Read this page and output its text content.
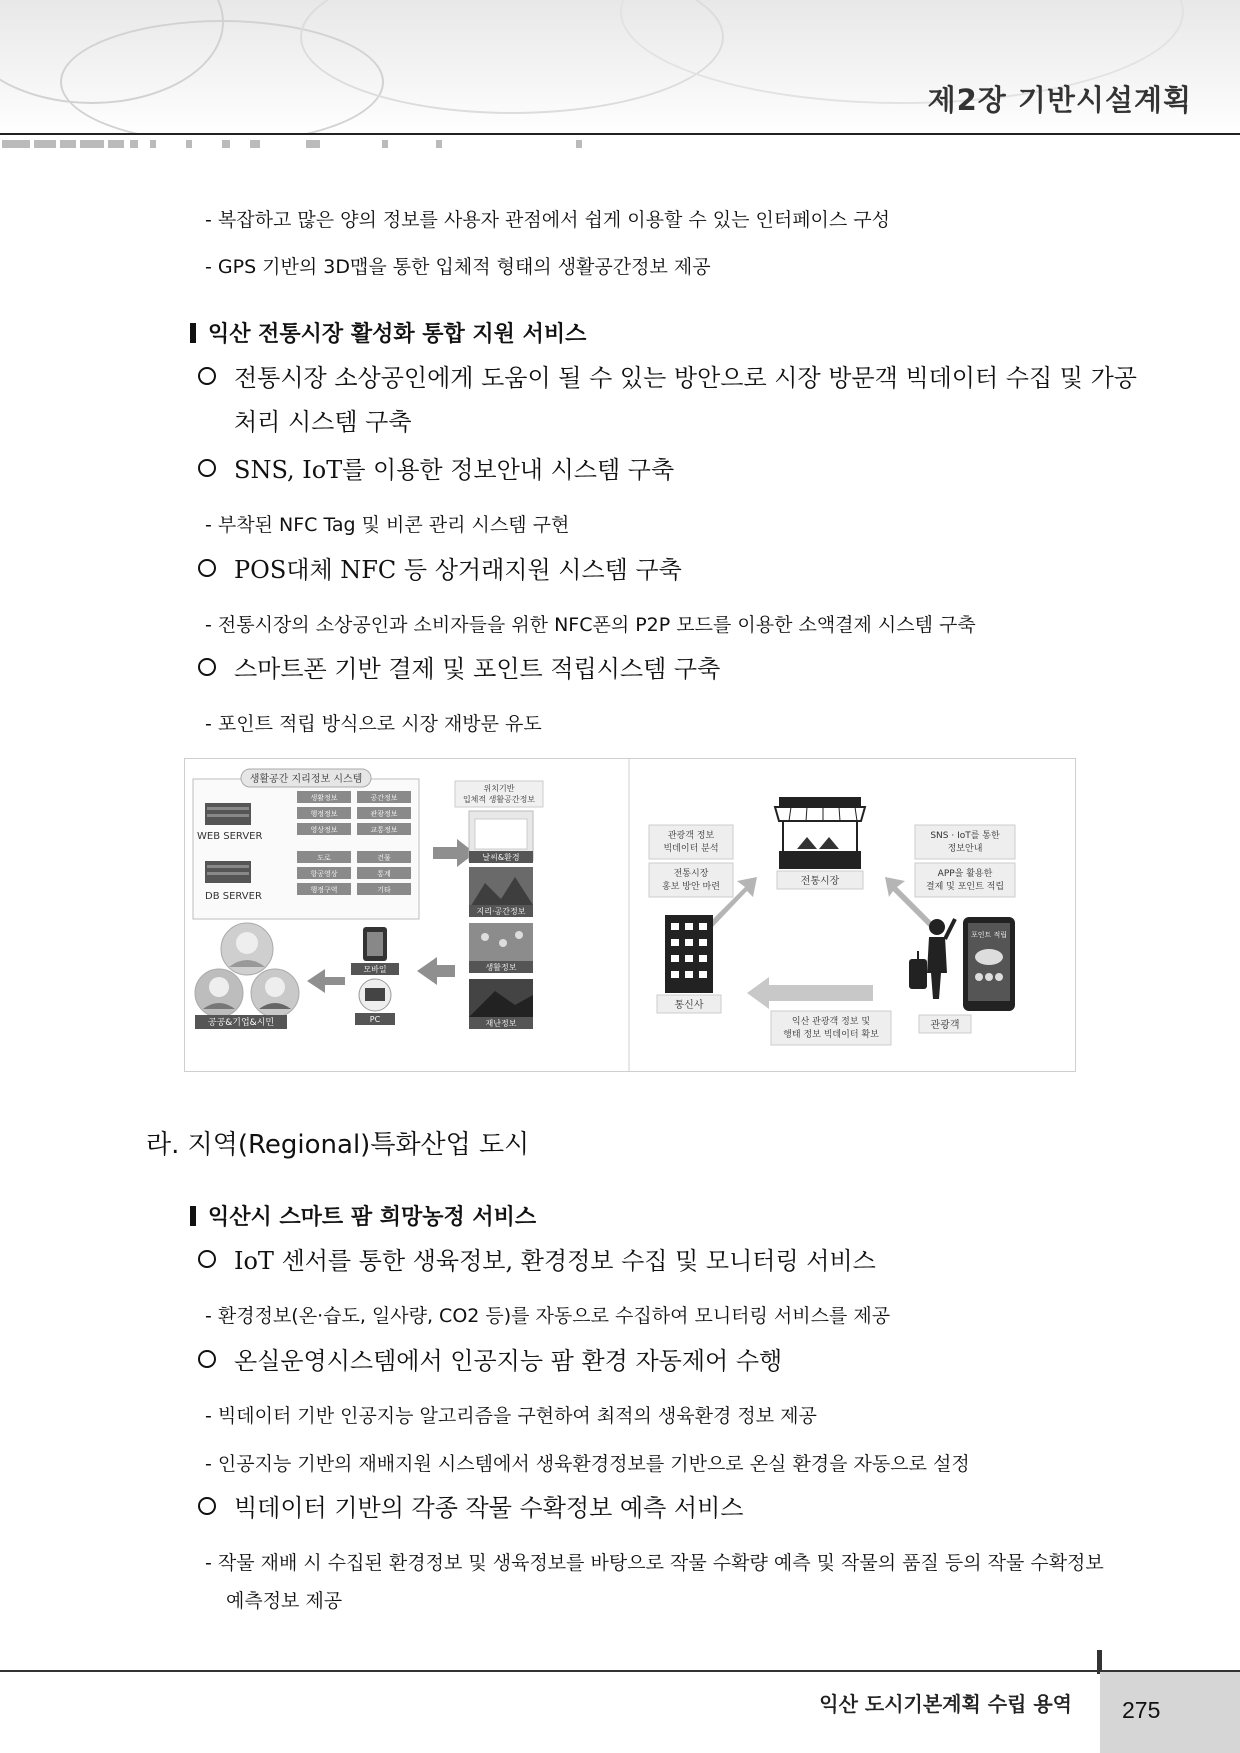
제2장 기반시설계획
- 복잡하고 많은 양의 정보를 사용자 관점에서 쉽게 이용할 수 있는 인터페이스 구성
- GPS 기반의 3D맵을 통한 입체적 형태의 생활공간정보 제공
익산 전통시장 활성화 통합 지원 서비스
전통시장 소상공인에게 도움이 될 수 있는 방안으로 시장 방문객 빅데이터 수집 및 가공
처리 시스템 구축
SNS, IoT를 이용한 정보안내 시스템 구축
- 부착된 NFC Tag 및 비콘 관리 시스템 구현
POS대체 NFC 등 상거래지원 시스템 구축
- 전통시장의 소상공인과 소비자들을 위한 NFC폰의 P2P 모드를 이용한 소액결제 시스템 구축
스마트폰 기반 결제 및 포인트 적립시스템 구축
- 포인트 적립 방식으로 시장 재방문 유도
생활공간 지리정보 시스템
WEB SERVER
생활정보	공간정보
행정정보	관광정보
영상정보	교통정보
DB SERVER
도로	건물
항공영상	통계
행정구역	기타
위치기반
입체적 생활공간정보
날씨&환경
지리·공간정보
생활정보
재난정보
모바일
PC
공공&기업&시민
관광객 정보
빅데이터 분석
전통시장
홍보 방안 마련	전통시장
SNS · IoT를 통한
정보안내
APP을 활용한
결제 및 포인트 적립
통신사
익산 관광객 정보 및
행태 정보 빅데이터 확보
포인트 적립
관광객
라. 지역(Regional)특화산업 도시
익산시 스마트 팜 희망농정 서비스
IoT 센서를 통한 생육정보, 환경정보 수집 및 모니터링 서비스
- 환경정보(온·습도, 일사량, CO2 등)를 자동으로 수집하여 모니터링 서비스를 제공
온실운영시스템에서 인공지능 팜 환경 자동제어 수행
- 빅데이터 기반 인공지능 알고리즘을 구현하여 최적의 생육환경 정보 제공
- 인공지능 기반의 재배지원 시스템에서 생육환경정보를 기반으로 온실 환경을 자동으로 설정
빅데이터 기반의 각종 작물 수확정보 예측 서비스
- 작물 재배 시 수집된 환경정보 및 생육정보를 바탕으로 작물 수확량 예측 및 작물의 품질 등의 작물 수확정보
예측정보 제공
익산 도시기본계획 수립 용역 275
